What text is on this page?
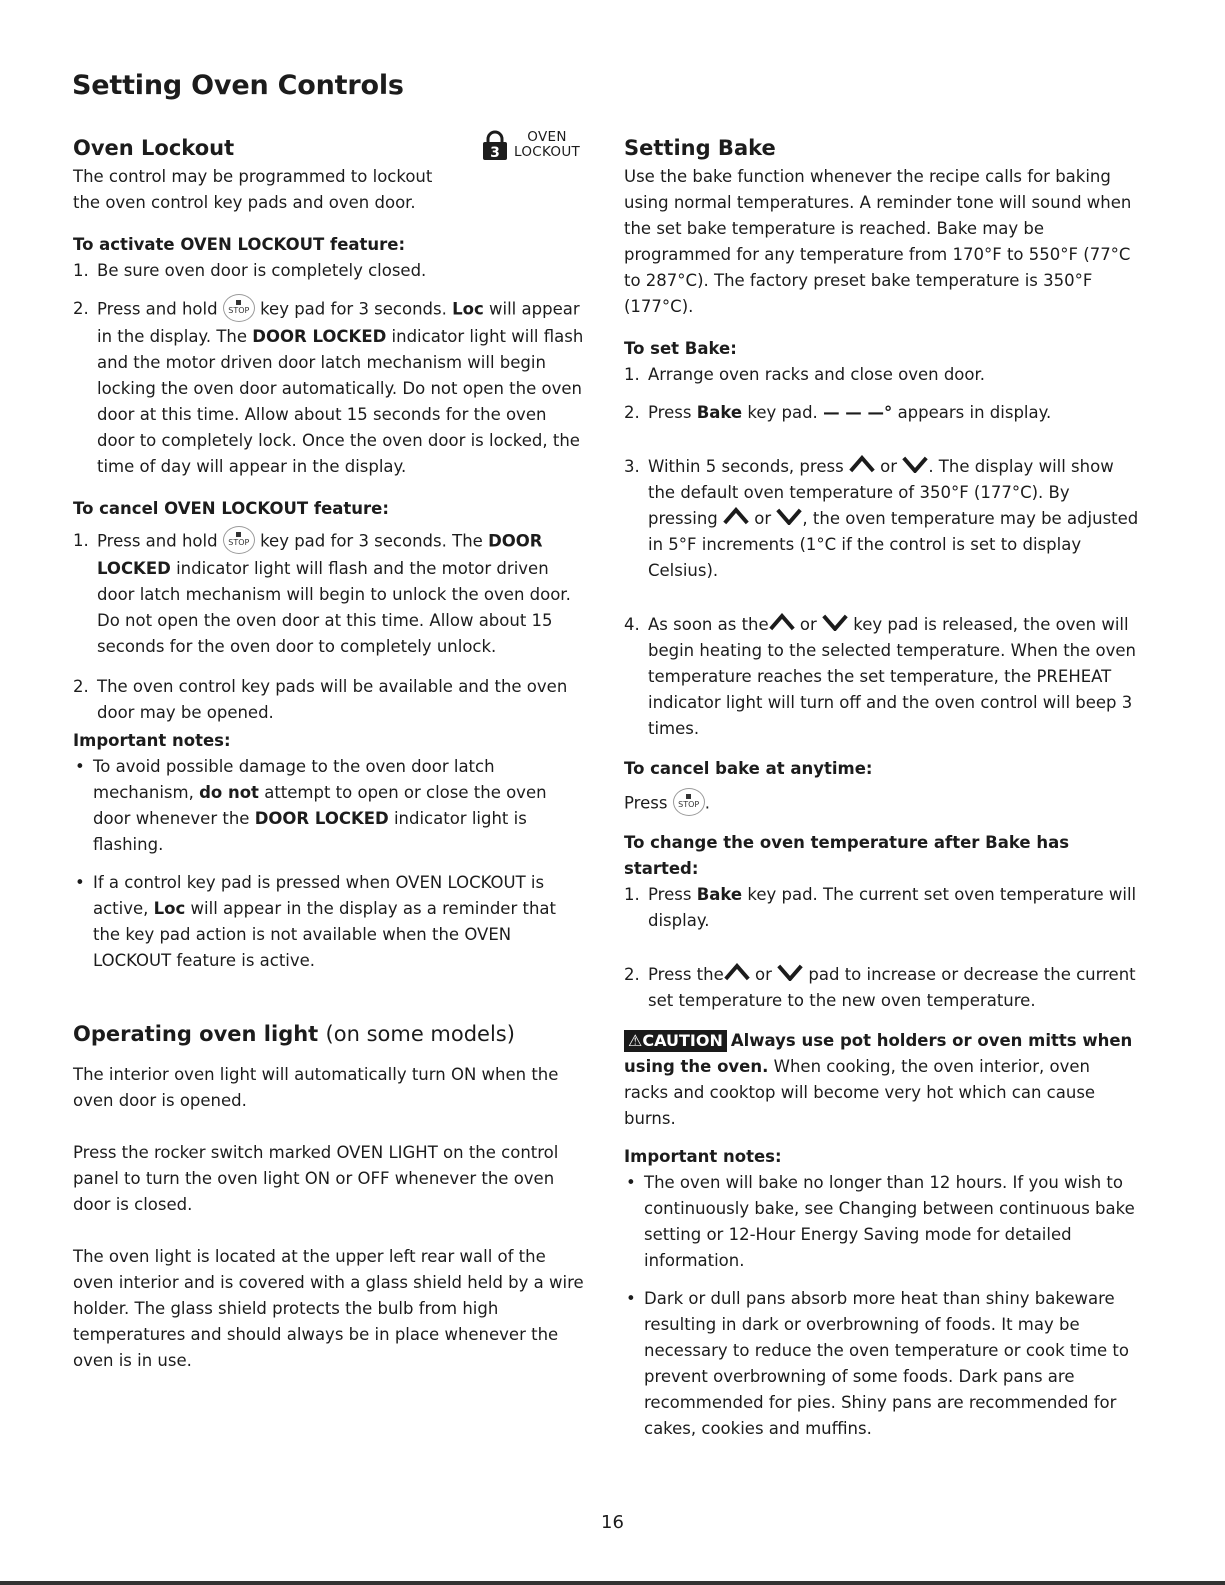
Setting Oven Controls
3
OVEN
LOCKOUT
Oven Lockout

The control may be programmed to lockout the oven control key pads and oven door.

To activate OVEN LOCKOUT feature:

1. Be sure oven door is completely closed.
2. Press and hold STOP key pad for 3 seconds. Loc will appear in the display. The DOOR LOCKED indicator light will flash and the motor driven door latch mechanism will begin locking the oven door automatically. Do not open the oven door at this time. Allow about 15 seconds for the oven door to completely lock. Once the oven door is locked, the time of day will appear in the display.

To cancel OVEN LOCKOUT feature:

1. Press and hold STOP key pad for 3 seconds. The DOOR LOCKED indicator light will flash and the motor driven door latch mechanism will begin to unlock the oven door. Do not open the oven door at this time. Allow about 15 seconds for the oven door to completely unlock.
2. The oven control key pads will be available and the oven door may be opened.

Important notes:

• To avoid possible damage to the oven door latch mechanism, do not attempt to open or close the oven door whenever the DOOR LOCKED indicator light is flashing.
• If a control key pad is pressed when OVEN LOCKOUT is active, Loc will appear in the display as a reminder that the key pad action is not available when the OVEN LOCKOUT feature is active.
Operating oven light (on some models)

The interior oven light will automatically turn ON when the oven door is opened.

Press the rocker switch marked OVEN LIGHT on the control panel to turn the oven light ON or OFF whenever the oven door is closed.

The oven light is located at the upper left rear wall of the oven interior and is covered with a glass shield held by a wire holder. The glass shield protects the bulb from high temperatures and should always be in place whenever the oven is in use.

Setting Bake

Use the bake function whenever the recipe calls for baking using normal temperatures. A reminder tone will sound when the set bake temperature is reached. Bake may be programmed for any temperature from 170°F to 550°F (77°C to 287°C). The factory preset bake temperature is 350°F (177°C).

To set Bake:

1. Arrange oven racks and close oven door.
2. Press Bake key pad. — — —° appears in display.
3. Within 5 seconds, press or . The display will show the default oven temperature of 350°F (177°C). By pressing or , the oven temperature may be adjusted in 5°F increments (1°C if the control is set to display Celsius).
4. As soon as the or key pad is released, the oven will begin heating to the selected temperature. When the oven temperature reaches the set temperature, the PREHEAT indicator light will turn off and the oven control will beep 3 times.

To cancel bake at anytime:

Press STOP .

To change the oven temperature after Bake has started:

1. Press Bake key pad. The current set oven temperature will display.
2. Press the or pad to increase or decrease the current set temperature to the new oven temperature.

⚠CAUTION Always use pot holders or oven mitts when using the oven. When cooking, the oven interior, oven racks and cooktop will become very hot which can cause burns.

Important notes:

• The oven will bake no longer than 12 hours. If you wish to continuously bake, see Changing between continuous bake setting or 12-Hour Energy Saving mode for detailed information.
• Dark or dull pans absorb more heat than shiny bakeware resulting in dark or overbrowning of foods. It may be necessary to reduce the oven temperature or cook time to prevent overbrowning of some foods. Dark pans are recommended for pies. Shiny pans are recommended for cakes, cookies and muffins.
16
